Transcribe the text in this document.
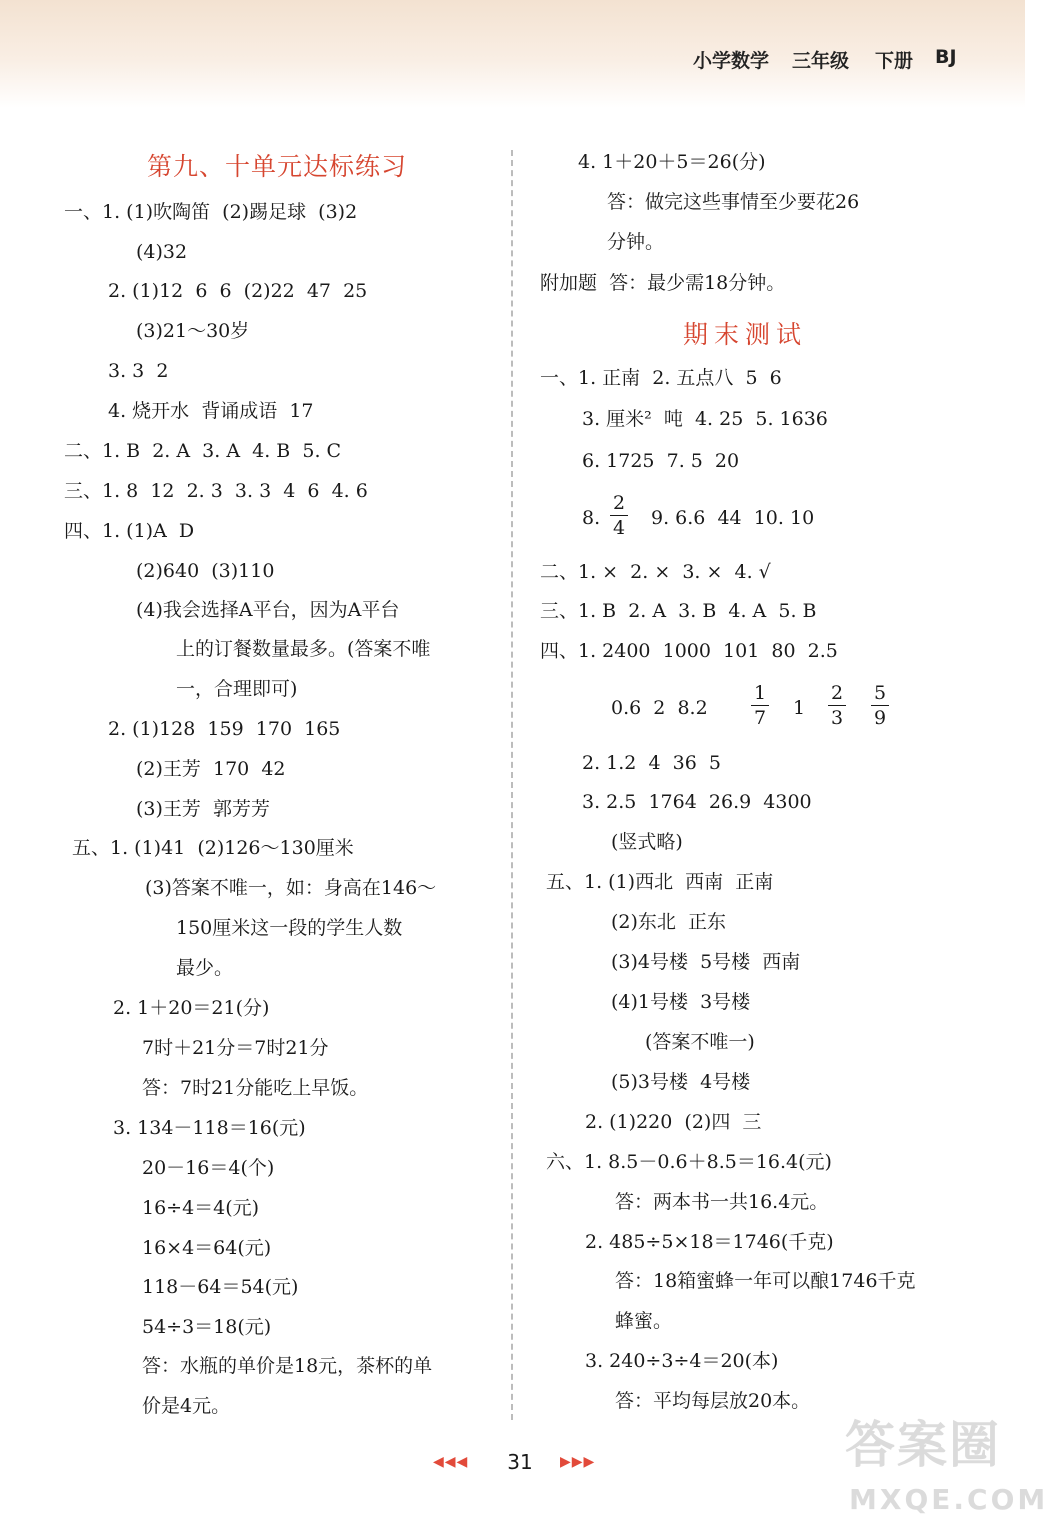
小学数学 三年级 下册 BJ
第九、十单元达标练习
一、1. (1)吹陶笛  (2)踢足球  (3)2
(4)32
2. (1)12  6  6  (2)22  47  25
(3)21～30岁
3. 3  2
4. 烧开水  背诵成语  17
二、1. B  2. A  3. A  4. B  5. C
三、1. 8  12  2. 3  3. 3  4  6  4. 6
四、1. (1)A  D
(2)640  (3)110
(4)我会选择A平台，因为A平台
上的订餐数量最多。(答案不唯
一，合理即可)
2. (1)128  159  170  165
(2)王芳  170  42
(3)王芳  郭芳芳
五、1. (1)41  (2)126～130厘米
(3)答案不唯一，如：身高在146～
150厘米这一段的学生人数
最少。
2. 1＋20＝21(分)
7时＋21分＝7时21分
答：7时21分能吃上早饭。
3. 134－118＝16(元)
20－16＝4(个)
16÷4＝4(元)
16×4＝64(元)
118－64＝54(元)
54÷3＝18(元)
答：水瓶的单价是18元，茶杯的单
价是4元。
4. 1＋20＋5＝26(分)
答：做完这些事情至少要花26
分钟。
附加题  答：最少需18分钟。
期末测试
一、1. 正南  2. 五点八  5  6
3. 厘米²  吨  4. 25  5. 1636
6. 1725  7. 5  20
8.
2
4 9. 6.6  44  10. 10
二、1. ×  2. ×  3. ×  4. √
三、1. B  2. A  3. B  4. A  5. B
四、1. 2400  1000  101  80  2.5
0.6  2  8.2
1
7 1
2
3
5
9
2. 1.2  4  36  5
3. 2.5  1764  26.9  4300
(竖式略)
五、1. (1)西北  西南  正南
(2)东北  正东
(3)4号楼  5号楼  西南
(4)1号楼  3号楼
(答案不唯一)
(5)3号楼  4号楼
2. (1)220  (2)四  三
六、1. 8.5－0.6＋8.5＝16.4(元)
答：两本书一共16.4元。
2. 485÷5×18＝1746(千克)
答：18箱蜜蜂一年可以酿1746千克
蜂蜜。
3. 240÷3÷4＝20(本)
答：平均每层放20本。
◀◀◀	31	▶▶▶	答案圈
MXQE.COM
